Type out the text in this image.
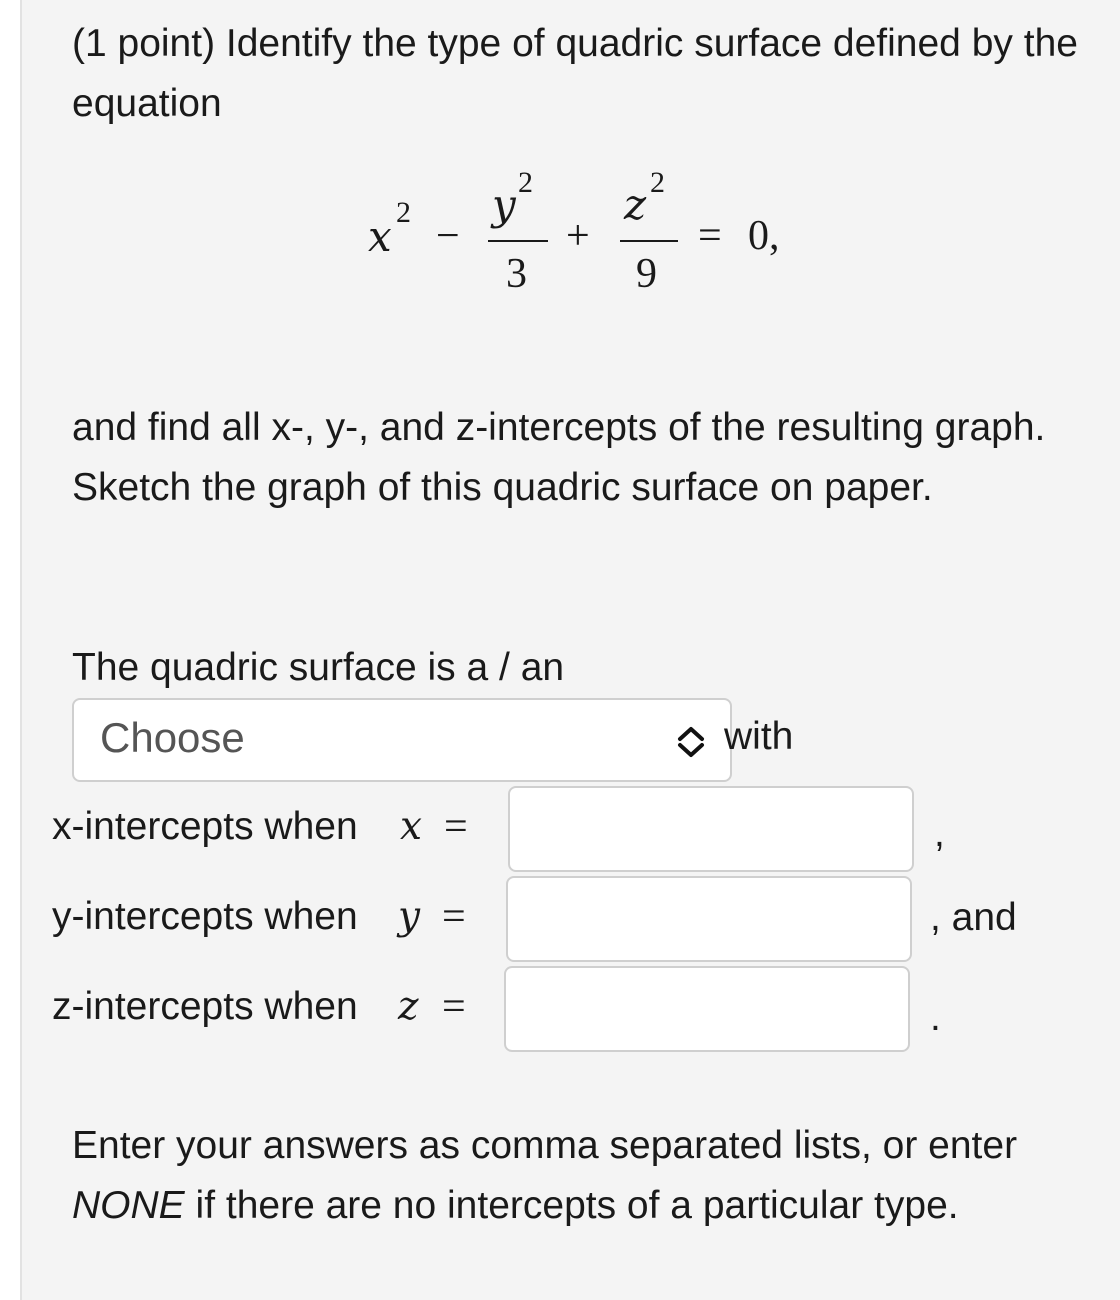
(1 point) Identify the type of quadric surface defined by the equation
x 2
−
y 2
3
+
z 2
9
= 0,
and find all x-, y-, and z-intercepts of the resulting graph. Sketch the graph of this quadric surface on paper.
The quadric surface is a / an
Choose	with
x-intercepts when x =	,
y-intercepts when y =	, and
z-intercepts when z =	.
Enter your answers as comma separated lists, or enter NONE if there are no intercepts of a particular type.
